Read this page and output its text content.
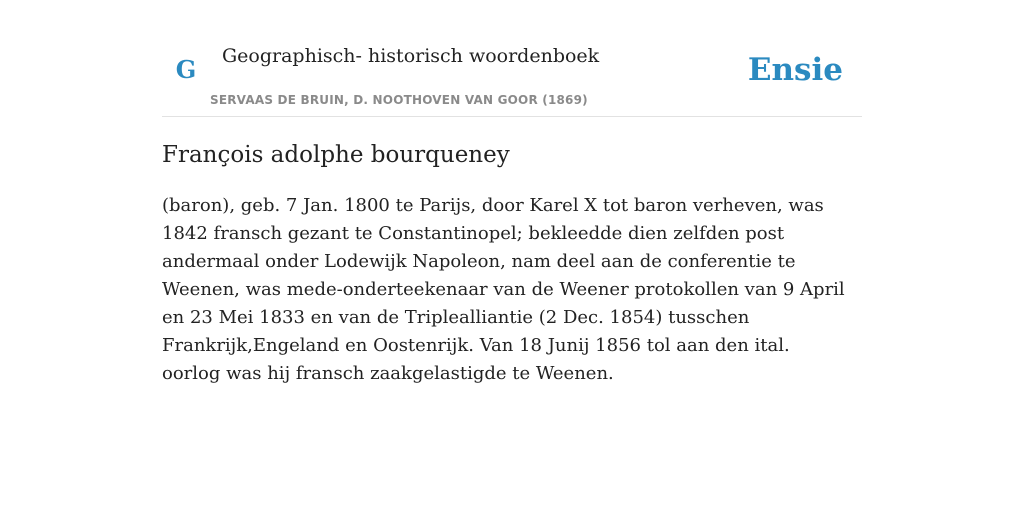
G Geographisch- historisch woordenboek
SERVAAS DE BRUIN, D. NOOTHOVEN VAN GOOR (1869)
Ensie
François adolphe bourqueney

(baron), geb. 7 Jan. 1800 te Parijs, door Karel X tot baron verheven, was 1842 fransch gezant te Constantinopel; bekleedde dien zelfden post andermaal onder Lodewijk Napoleon, nam deel aan de conferentie te Weenen, was mede-onderteekenaar van de Weener protokollen van 9 April en 23 Mei 1833 en van de Triplealliantie (2 Dec. 1854) tusschen Frankrijk,Engeland en Oostenrijk. Van 18 Junij 1856 tol aan den ital. oorlog was hij fransch zaakgelastigde te Weenen.
